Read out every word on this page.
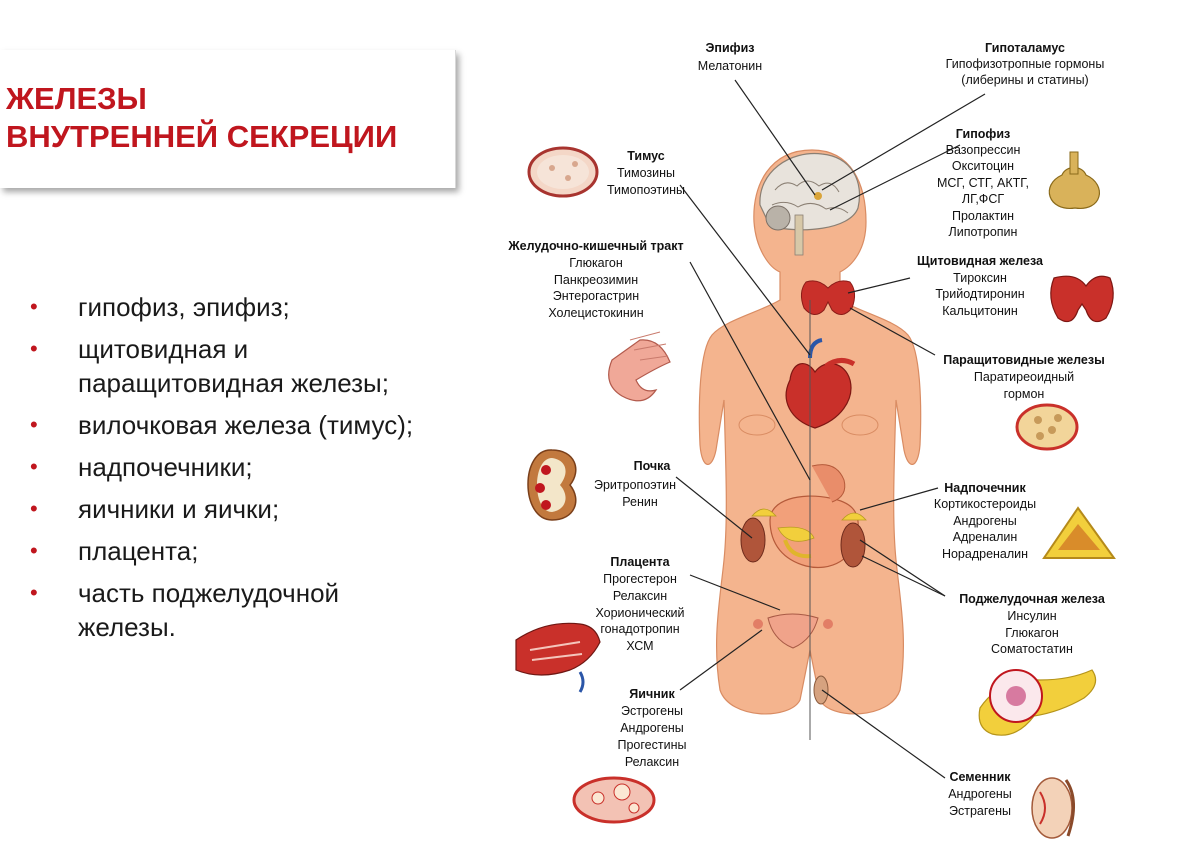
ЖЕЛЕЗЫ
ВНУТРЕННЕЙ СЕКРЕЦИИ
• гипофиз, эпифиз;
• щитовидная и
паращитовидная железы;
• вилочковая железа (тимус);
• надпочечники;
• яичники и яички;
• плацента;
• часть поджелудочной
железы.
Эпифиз
Мелатонин
Гипоталамус
Гипофизотропные гормоны
(либерины и статины)
Гипофиз
Вазопрессин
Окситоцин
МСГ, СТГ, АКТГ,
ЛГ,ФСГ
Пролактин
Липотропин
Тимус
Тимозины
Тимопоэтины
Желудочно-кишечный тракт
Глюкагон
Панкреозимин
Энтерогастрин
Холецистокинин
Щитовидная железа
Тироксин
Трийодтиронин
Кальцитонин
Паращитовидные железы
Паратиреоидный
гормон
Почка
Эритропоэтин
Ренин
Надпочечник
Кортикостероиды
Андрогены
Адреналин
Норадреналин
Плацента
Прогестерон
Релаксин
Хорионический
гонадотропин
ХСМ
Поджелудочная железа
Инсулин
Глюкагон
Соматостатин
Яичник
Эстрогены
Андрогены
Прогестины
Релаксин
Семенник
Андрогены
Эстрагены
